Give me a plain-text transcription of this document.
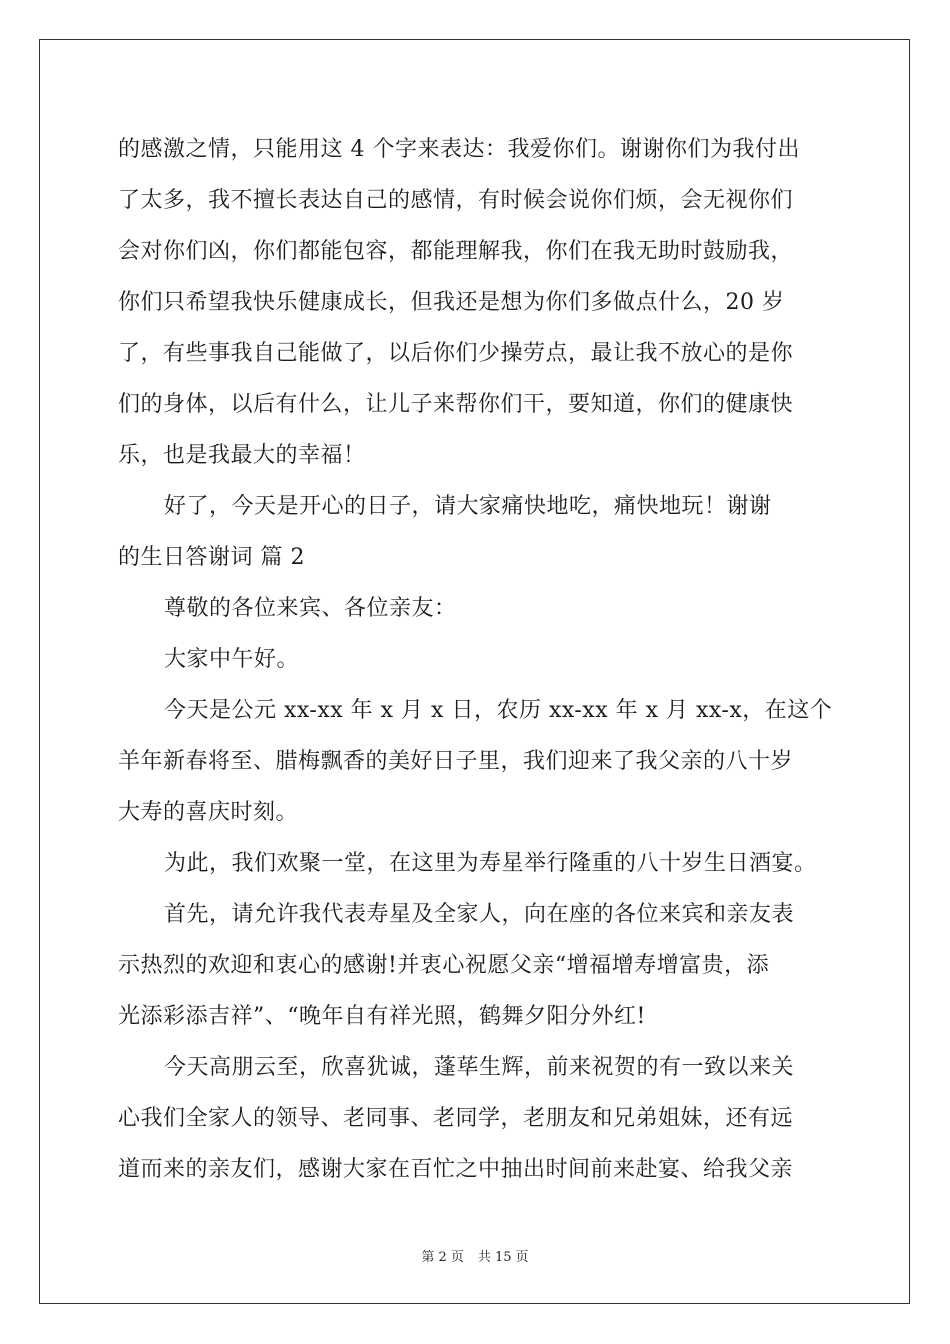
的感激之情，只能用这 4 个字来表达：我爱你们。谢谢你们为我付出
了太多，我不擅长表达自己的感情，有时候会说你们烦，会无视你们
会对你们凶，你们都能包容，都能理解我，你们在我无助时鼓励我，
你们只希望我快乐健康成长，但我还是想为你们多做点什么，20 岁
了，有些事我自己能做了，以后你们少操劳点，最让我不放心的是你
们的身体，以后有什么，让儿子来帮你们干，要知道，你们的健康快
乐，也是我最大的幸福！
好了，今天是开心的日子，请大家痛快地吃，痛快地玩！谢谢
的生日答谢词 篇 2
尊敬的各位来宾、各位亲友：
大家中午好。
今天是公元 xx-xx 年 x 月 x 日，农历 xx-xx 年 x 月 xx-x，在这个
羊年新春将至、腊梅飘香的美好日子里，我们迎来了我父亲的八十岁
大寿的喜庆时刻。
为此，我们欢聚一堂，在这里为寿星举行隆重的八十岁生日酒宴。
首先，请允许我代表寿星及全家人，向在座的各位来宾和亲友表
示热烈的欢迎和衷心的感谢!并衷心祝愿父亲“增福增寿增富贵，添
光添彩添吉祥”、“晚年自有祥光照，鹤舞夕阳分外红!
今天高朋云至，欣喜犹诚，蓬荜生辉，前来祝贺的有一致以来关
心我们全家人的领导、老同事、老同学，老朋友和兄弟姐妹，还有远
道而来的亲友们，感谢大家在百忙之中抽出时间前来赴宴、给我父亲
第 2 页 共 15 页
